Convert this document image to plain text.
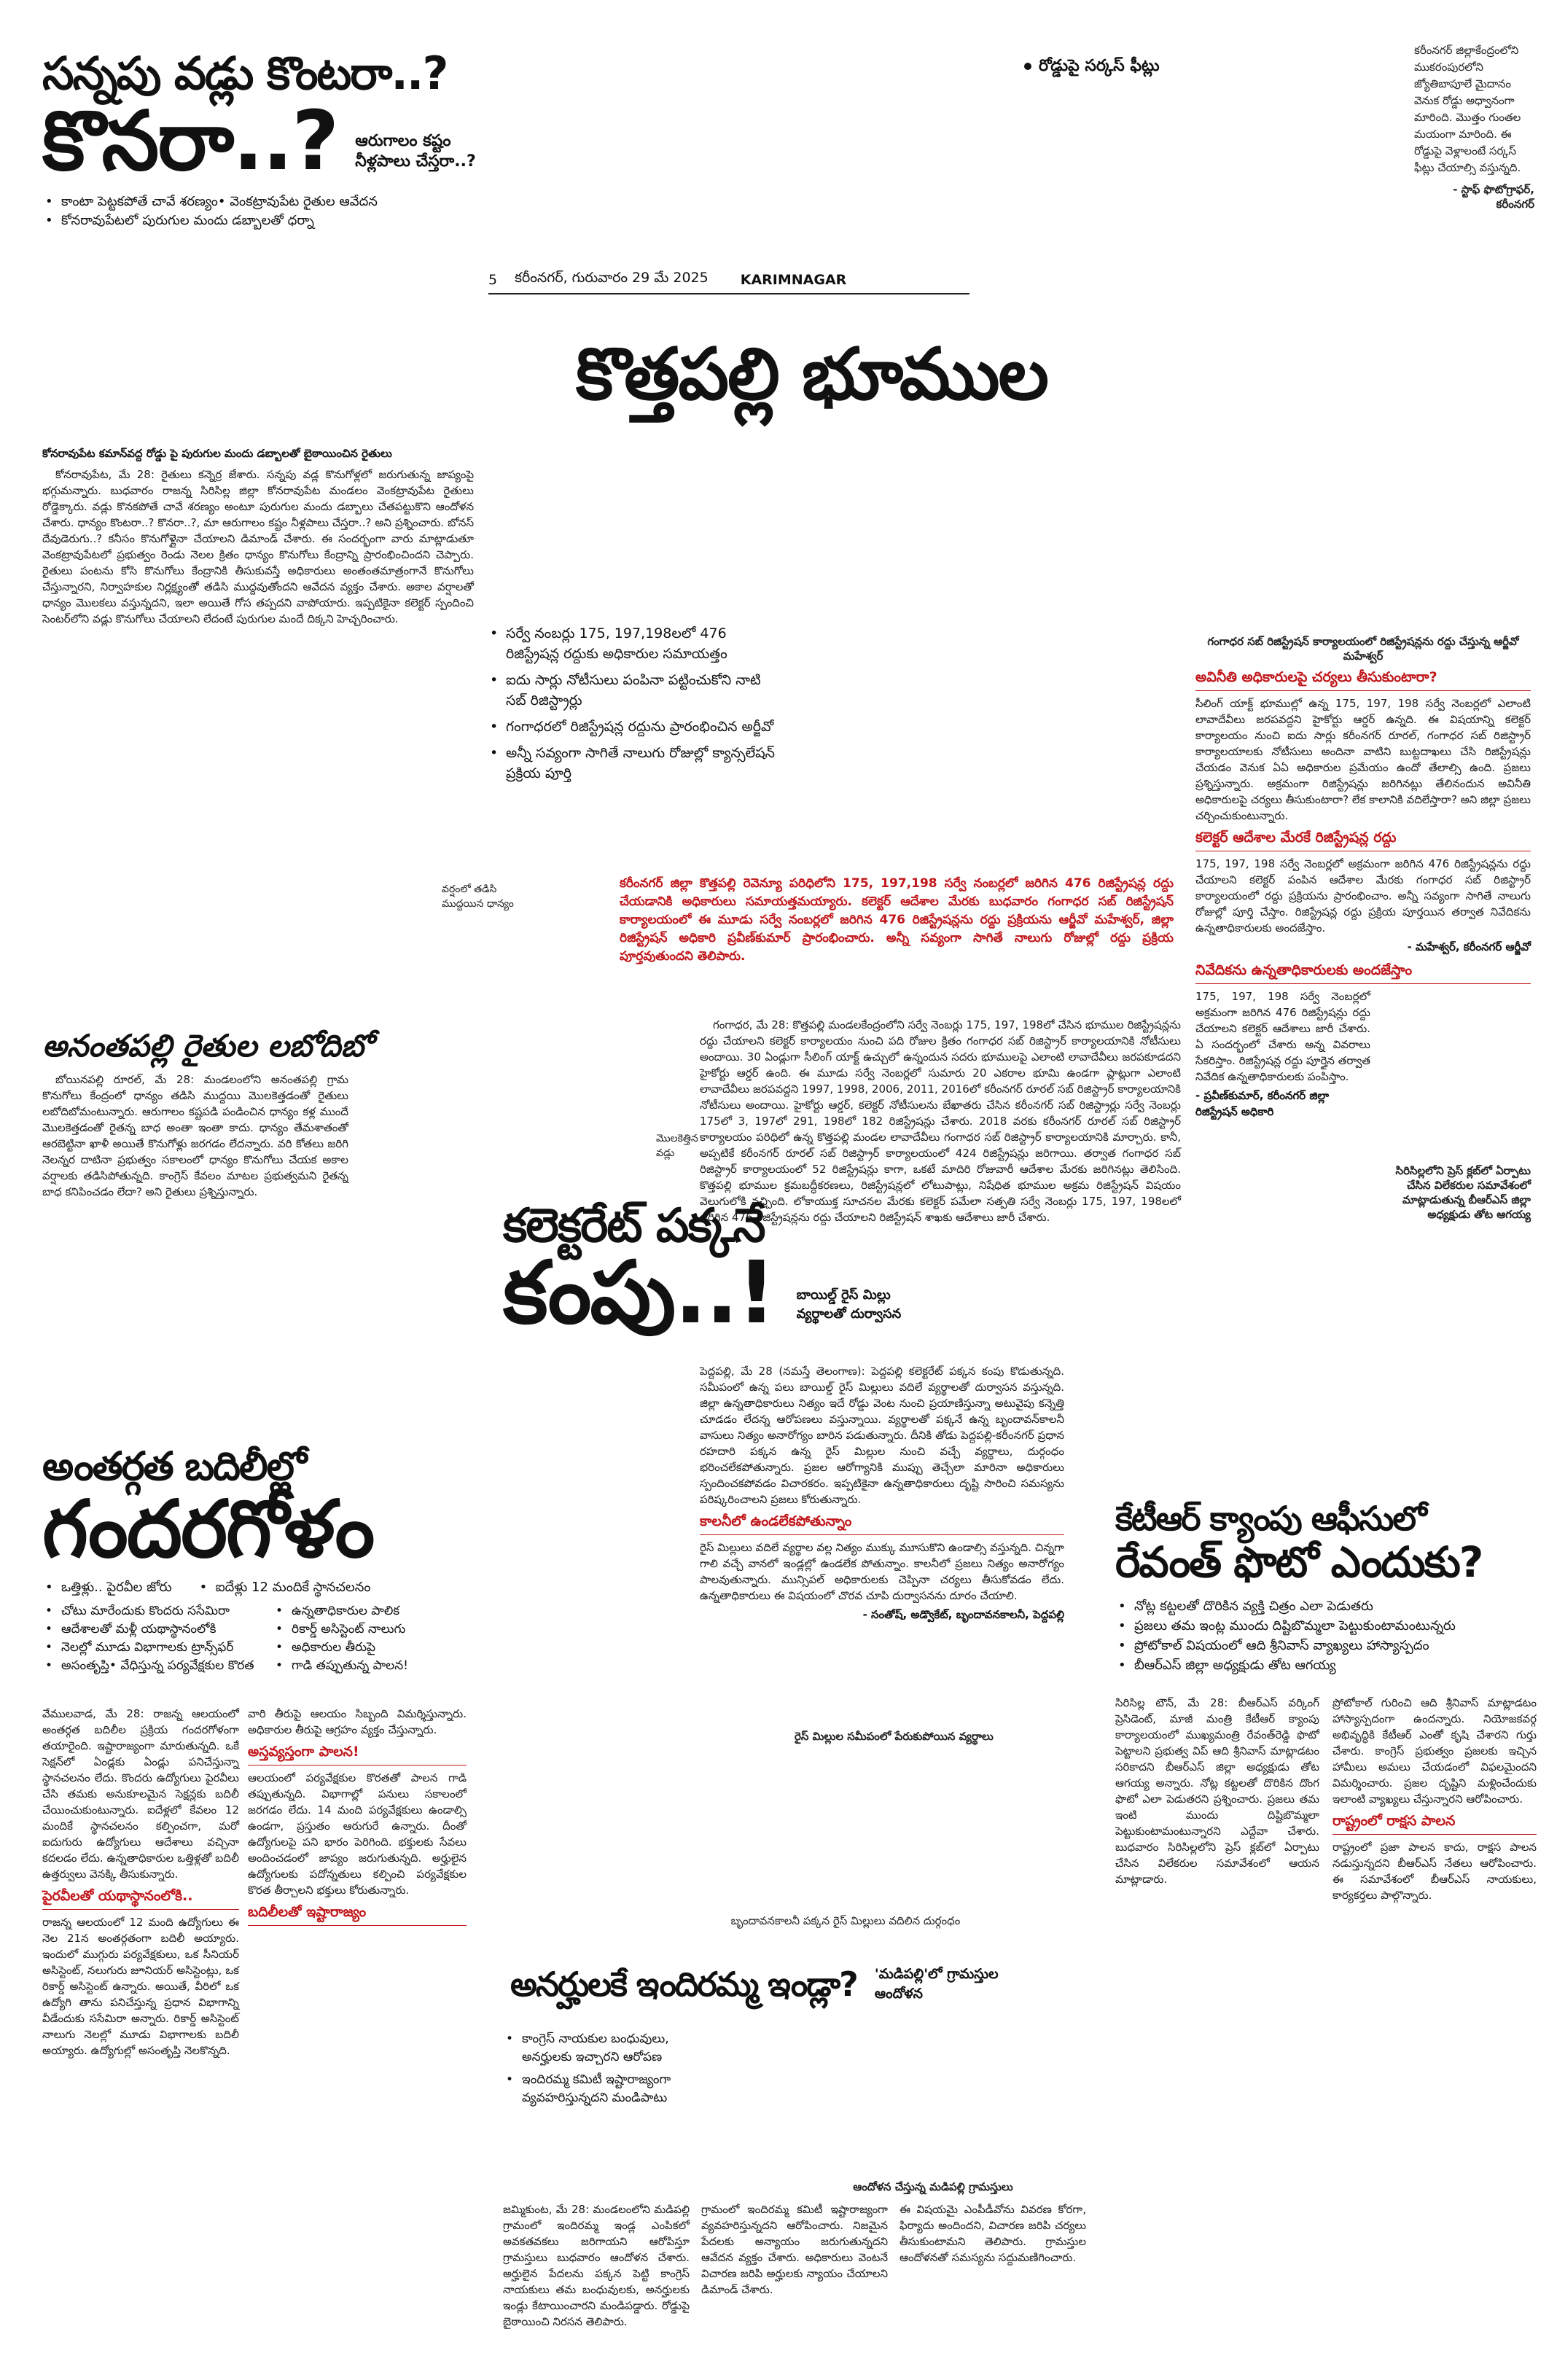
సన్నపు వడ్లు కొంటరా..?
కొనరా..? ఆరుగాలం కష్టం నీళ్లపాలు చేస్తరా..?
• కాంటా పెట్టకపోతే చావే శరణ్యం• వెంకట్రావుపేట రైతుల ఆవేదన
• కోనరావుపేటలో పురుగుల మందు డబ్బాలతో ధర్నా
రోడ్డుపై సర్కస్ ఫీట్లు
కరీంనగర్ జిల్లాకేంద్రంలోని ముకరంపురలోని జ్యోతిబాపూలే మైదానం వెనుక రోడ్డు అధ్వానంగా మారింది. మొత్తం గుంతల మయంగా మారింది. ఈ రోడ్డుపై వెళ్లాలంటే సర్కస్ ఫీట్లు చేయాల్సి వస్తున్నది.
- స్టాఫ్ ఫొటోగ్రాఫర్, కరీంనగర్
5 కరీంనగర్, గురువారం 29 మే 2025 KARIMNAGAR
కొత్తపల్లి భూముల
కోనరావుపేట కమాన్‌వద్ద రోడ్డు పై పురుగుల మందు డబ్బాలతో బైఠాయించిన రైతులు

కోనరావుపేట, మే 28: రైతులు కన్నెర్ర జేశారు. సన్నపు వడ్ల కొనుగోళ్లలో జరుగుతున్న జాప్యంపై భగ్గుమన్నారు. బుధవారం రాజన్న సిరిసిల్ల జిల్లా కోనరావుపేట మండలం వెంకట్రావుపేట రైతులు రోడ్డెక్కారు. వడ్లు కొనకపోతే చావే శరణ్యం అంటూ పురుగుల మందు డబ్బాలు చేతపట్టుకొని ఆందోళన చేశారు. ధాన్యం కొంటరా..? కొనరా..?, మా ఆరుగాలం కష్టం నీళ్లపాలు చేస్తరా..? అని ప్రశ్నించారు. బోనస్ దేవుడెరుగు..? కనీసం కొనుగోళ్లైనా చేయాలని డిమాండ్ చేశారు. ఈ సందర్భంగా వారు మాట్లాడుతూ వెంకట్రావుపేటలో ప్రభుత్వం రెండు నెలల క్రితం ధాన్యం కొనుగోలు కేంద్రాన్ని ప్రారంభించిందని చెప్పారు. రైతులు పంటను కోసి కొనుగోలు కేంద్రానికి తీసుకువస్తే అధికారులు అంతంతమాత్రంగానే కొనుగోలు చేస్తున్నారని, నిర్వాహకుల నిర్లక్ష్యంతో తడిసి ముద్దవుతోందని ఆవేదన వ్యక్తం చేశారు. అకాల వర్షాలతో ధాన్యం మొలకలు వస్తున్నదని, ఇలా అయితే గోస తప్పదని వాపోయారు. ఇప్పటికైనా కలెక్టర్ స్పందించి సెంటర్‌లోని వడ్లు కొనుగోలు చేయాలని లేదంటే పురుగుల మందే దిక్కని హెచ్చరించారు.

• సర్వే నంబర్లు 175, 197,198లలో 476 రిజిస్ట్రేషన్ల రద్దుకు అధికారుల సమాయత్తం
• ఐదు సార్లు నోటీసులు పంపినా పట్టించుకోని నాటి సబ్ రిజిస్ట్రార్లు
• గంగాధరలో రిజిస్ట్రేషన్ల రద్దును ప్రారంభించిన అర్జీవో
• అన్నీ సవ్యంగా సాగితే నాలుగు రోజుల్లో క్యాన్సలేషన్ ప్రక్రియ పూర్తి
గంగాధర సబ్ రిజిస్ట్రేషన్ కార్యాలయంలో రిజిస్ట్రేషన్లను రద్దు చేస్తున్న ఆర్జీవో మహేశ్వర్
అవినీతి అధికారులపై చర్యలు తీసుకుంటారా?
సీలింగ్ యాక్ట్ భూముల్లో ఉన్న 175, 197, 198 సర్వే నెంబర్లలో ఎలాంటి లావాదేవీలు జరపవద్దని హైకోర్టు ఆర్డర్ ఉన్నది. ఈ విషయాన్ని కలెక్టర్ కార్యాలయం నుంచి ఐదు సార్లు కరీంనగర్ రూరల్, గంగాధర సబ్ రిజిస్ట్రార్ కార్యాలయాలకు నోటీసులు అందినా వాటిని బుట్టదాఖలు చేసి రిజిస్ట్రేషన్లు చేయడం వెనుక ఏఏ అధికారుల ప్రమేయం ఉందో తేలాల్సి ఉంది. ప్రజలు ప్రశ్నిస్తున్నారు. అక్రమంగా రిజిస్ట్రేషన్లు జరిగినట్లు తేలినందున అవినీతి అధికారులపై చర్యలు తీసుకుంటారా? లేక కాలానికి వదిలేస్తారా? అని జిల్లా ప్రజలు చర్చించుకుంటున్నారు.
కలెక్టర్ ఆదేశాల మేరకే రిజిస్ట్రేషన్ల రద్దు
175, 197, 198 సర్వే నెంబర్లలో అక్రమంగా జరిగిన 476 రిజిస్ట్రేషన్లను రద్దు చేయాలని కలెక్టర్ పంపిన ఆదేశాల మేరకు గంగాధర సబ్ రిజిస్ట్రార్ కార్యాలయంలో రద్దు ప్రక్రియను ప్రారంభించాం. అన్నీ సవ్యంగా సాగితే నాలుగు రోజుల్లో పూర్తి చేస్తాం. రిజిస్ట్రేషన్ల రద్దు ప్రక్రియ పూర్తయిన తర్వాత నివేదికను ఉన్నతాధికారులకు అందజేస్తాం.
- మహేశ్వర్, కరీంనగర్ ఆర్జీవో
నివేదికను ఉన్నతాధికారులకు అందజేస్తాం
175, 197, 198 సర్వే నెంబర్లలో అక్రమంగా జరిగిన 476 రిజిస్ట్రేషన్లు రద్దు చేయాలని కలెక్టర్ ఆదేశాలు జారీ చేశారు. ఏ సందర్భంలో చేశారు అన్న వివరాలు సేకరిస్తాం. రిజిస్ట్రేషన్ల రద్దు పూర్తైన తర్వాత నివేదిక ఉన్నతాధికారులకు పంపిస్తాం.
- ప్రవీణ్‌కుమార్, కరీంనగర్ జిల్లా రిజిస్ట్రేషన్ అధికారి
సిరిసిల్లలోని ప్రెస్ క్లబ్‌లో ఏర్పాటు చేసిన విలేకరుల సమావేశంలో మాట్లాడుతున్న బీఆర్‌ఎస్ జిల్లా అధ్యక్షుడు తోట ఆగయ్య
వర్షంలో తడిసి ముద్దయిన ధాన్యం
కరీంనగర్ జిల్లా కొత్తపల్లి రెవెన్యూ పరిధిలోని 175, 197,198 సర్వే నంబర్లలో జరిగిన 476 రిజిస్ట్రేషన్ల రద్దు చేయడానికి అధికారులు సమాయత్తమయ్యారు. కలెక్టర్ ఆదేశాల మేరకు బుధవారం గంగాధర సబ్ రిజిస్ట్రేషన్ కార్యాలయంలో ఈ మూడు సర్వే నంబర్లలో జరిగిన 476 రిజిస్ట్రేషన్లను రద్దు ప్రక్రియను ఆర్జీవో మహేశ్వర్, జిల్లా రిజిస్ట్రేషన్ అధికారి ప్రవీణ్‌కుమార్ ప్రారంభించారు. అన్నీ సవ్యంగా సాగితే నాలుగు రోజుల్లో రద్దు ప్రక్రియ పూర్తవుతుందని తెలిపారు.

గంగాధర, మే 28: కొత్తపల్లి మండలకేంద్రంలోని సర్వే నెంబర్లు 175, 197, 198లో చేసిన భూముల రిజిస్ట్రేషన్లను రద్దు చేయాలని కలెక్టర్ కార్యాలయం నుంచి పది రోజుల క్రితం గంగాధర సబ్ రిజిస్ట్రార్ కార్యాలయానికి నోటీసులు అందాయి. 30 ఏండ్లుగా సీలింగ్ యాక్ట్ ఉచ్చులో ఉన్నందున సదరు భూములపై ఎలాంటి లావాదేవీలు జరపకూడదని హైకోర్టు ఆర్డర్ ఉంది. ఈ మూడు సర్వే నెంబర్లలో సుమారు 20 ఎకరాల భూమి ఉండగా ప్లాట్లుగా ఎలాంటి లావాదేవీలు జరపవద్దని 1997, 1998, 2006, 2011, 2016లో కరీంనగర్ రూరల్ సబ్ రిజిస్ట్రార్ కార్యాలయానికి నోటీసులు అందాయి. హైకోర్టు ఆర్డర్, కలెక్టర్ నోటీసులను బేఖాతరు చేసిన కరీంనగర్ సబ్ రిజిస్ట్రార్లు సర్వే నెంబర్లు 175లో 3, 197లో 291, 198లో 182 రిజిస్ట్రేషన్లు చేశారు. 2018 వరకు కరీంనగర్ రూరల్ సబ్ రిజిస్ట్రార్ కార్యాలయం పరిధిలో ఉన్న కొత్తపల్లి మండల లావాదేవీలు గంగాధర సబ్ రిజిస్ట్రార్ కార్యాలయానికి మార్చారు. కానీ, అప్పటికే కరీంనగర్ రూరల్ సబ్ రిజిస్ట్రార్ కార్యాలయంలో 424 రిజిస్ట్రేషన్లు జరిగాయి. తర్వాత గంగాధర సబ్ రిజిస్ట్రార్ కార్యాలయంలో 52 రిజిస్ట్రేషన్లు కాగా, ఒకటే మాదిరి రోజువారీ ఆదేశాల మేరకు జరిగినట్లు తెలిసింది. కొత్తపల్లి భూముల క్రమబద్ధీకరణలు, రిజిస్ట్రేషన్లలో లోటుపాట్లు, నిషేధిత భూముల అక్రమ రిజిస్ట్రేషన్ విషయం వెలుగులోకి వచ్చింది. లోకాయుక్త సూచనల మేరకు కలెక్టర్ పమేలా సత్పతి సర్వే నెంబర్లు 175, 197, 198లలో జరిగిన 476 రిజిస్ట్రేషన్లను రద్దు చేయాలని రిజిస్ట్రేషన్ శాఖకు ఆదేశాలు జారీ చేశారు.

అనంతపల్లి రైతుల లబోదిబో

బోయినపల్లి రూరల్, మే 28: మండలంలోని అనంతపల్లి గ్రామ కొనుగోలు కేంద్రంలో ధాన్యం తడిసి ముద్దయి మొలకెత్తడంతో రైతులు లబోదిబోమంటున్నారు. ఆరుగాలం కష్టపడి పండించిన ధాన్యం కళ్ల ముందే మొలకెత్తడంతో రైతన్న బాధ అంతా ఇంతా కాదు. ధాన్యం తేమశాతంతో ఆరబెట్టినా ఖాళీ అయితే కొనుగోళ్లు జరగడం లేదన్నారు. వరి కోతలు జరిగి నెలన్నర దాటినా ప్రభుత్వం సకాలంలో ధాన్యం కొనుగోలు చేయక అకాల వర్షాలకు తడిసిపోతున్నది. కాంగ్రెస్ కేవలం మాటల ప్రభుత్వమని రైతన్న బాధ కనిపించడం లేదా? అని రైతులు ప్రశ్నిస్తున్నారు.

మొలకెత్తిన వడ్లు
కలెక్టరేట్ పక్కనే
కంపు..! బాయిల్డ్ రైస్ మిల్లు వ్యర్థాలతో దుర్వాసన
పెద్దపల్లి, మే 28 (నమస్తే తెలంగాణ): పెద్దపల్లి కలెక్టరేట్ పక్కన కంపు కొడుతున్నది. సమీపంలో ఉన్న పలు బాయిల్డ్ రైస్ మిల్లులు వదిలే వ్యర్థాలతో దుర్వాసన వస్తున్నది. జిల్లా ఉన్నతాధికారులు నిత్యం ఇదే రోడ్డు వెంట నుంచి ప్రయాణిస్తున్నా అటువైపు కన్నెత్తి చూడడం లేదన్న ఆరోపణలు వస్తున్నాయి. వ్యర్థాలతో పక్కనే ఉన్న బృందావన్‌కాలనీ వాసులు నిత్యం అనారోగ్యం బారిన పడుతున్నారు. దీనికి తోడు పెద్దపల్లి-కరీంనగర్ ప్రధాన రహదారి పక్కన ఉన్న రైస్ మిల్లుల నుంచి వచ్చే వ్యర్థాలు, దుర్గంధం భరించలేకపోతున్నారు. ప్రజల ఆరోగ్యానికి ముప్పు తెచ్చేలా మారినా అధికారులు స్పందించకపోవడం విచారకరం. ఇప్పటికైనా ఉన్నతాధికారులు దృష్టి సారించి సమస్యను పరిష్కరించాలని ప్రజలు కోరుతున్నారు.
కాలనీలో ఉండలేకపోతున్నాం
రైస్ మిల్లులు వదిలే వ్యర్థాల వల్ల నిత్యం ముక్కు మూసుకొని ఉండాల్సి వస్తున్నది. చిన్నగా గాలి వచ్చే వానలో ఇండ్లల్లో ఉండలేక పోతున్నాం. కాలనీలో ప్రజలు నిత్యం అనారోగ్యం పాలవుతున్నారు. మున్సిపల్ అధికారులకు చెప్పినా చర్యలు తీసుకోవడం లేదు. ఉన్నతాధికారులు ఈ విషయంలో చొరవ చూపి దుర్వాసనను దూరం చేయాలి.
- సంతోష్, అడ్వొకేట్, బృందావనకాలనీ, పెద్దపల్లి
రైస్ మిల్లుల సమీపంలో పేరుకుపోయిన వ్యర్థాలు
అంతర్గత బదిలీల్లో
గందరగోళం
• ఒత్తిళ్లు.. పైరవీల జోరు
•	ఐదేళ్లు 12 మందికే స్థానచలనం
• చోటు మారేందుకు కొందరు ససేమిరా
• ఆదేశాలతో మళ్లీ యథాస్థానంలోకి
• నెలల్లో మూడు విభాగాలకు ట్రాన్స్‌ఫర్
• అసంతృప్తి• వేధిస్తున్న పర్యవేక్షకుల కొరత
• ఉన్నతాధికారుల పాలిక
• రికార్డ్ అసిస్టెంట్ నాలుగు
• అధికారుల తీరుపై
• గాడి తప్పుతున్న పాలన!
వేములవాడ, మే 28: రాజన్న ఆలయంలో అంతర్గత బదిలీల ప్రక్రియ గందరగోళంగా తయారైంది. ఇష్టారాజ్యంగా మారుతున్నది. ఒకే సెక్షన్‌లో ఏండ్లకు ఏండ్లు పనిచేస్తున్నా స్థానచలనం లేదు. కొందరు ఉద్యోగులు పైరవీలు చేసి తమకు అనుకూలమైన సెక్షన్లకు బదిలీ చేయించుకుంటున్నారు. ఐదేళ్లలో కేవలం 12 మందికే స్థానచలనం కల్పించగా, మరో ఐదుగురు ఉద్యోగులు ఆదేశాలు వచ్చినా కదలడం లేదు. ఉన్నతాధికారుల ఒత్తిళ్లతో బదిలీ ఉత్తర్వులు వెనక్కి తీసుకున్నారు.
పైరవీలతో యథాస్థానంలోకి..
రాజన్న ఆలయంలో 12 మంది ఉద్యోగులు ఈ నెల 21న అంతర్గతంగా బదిలీ అయ్యారు. ఇందులో ముగ్గురు పర్యవేక్షకులు, ఒక సీనియర్ అసిస్టెంట్, నలుగురు జూనియర్ అసిస్టెంట్లు, ఒక రికార్డ్ అసిస్టెంట్ ఉన్నారు. అయితే, వీరిలో ఒక ఉద్యోగి తాను పనిచేస్తున్న ప్రధాన విభాగాన్ని వీడేందుకు ససేమిరా అన్నారు. రికార్డ్ అసిస్టెంట్ నాలుగు నెలల్లో మూడు విభాగాలకు బదిలీ అయ్యారు. ఉద్యోగుల్లో అసంతృప్తి నెలకొన్నది.
వారి తీరుపై ఆలయం సిబ్బంది విమర్శిస్తున్నారు. అధికారుల తీరుపై ఆగ్రహం వ్యక్తం చేస్తున్నారు.
అస్తవ్యస్తంగా పాలన!
ఆలయంలో పర్యవేక్షకుల కొరతతో పాలన గాడి తప్పుతున్నది. విభాగాల్లో పనులు సకాలంలో జరగడం లేదు. 14 మంది పర్యవేక్షకులు ఉండాల్సి ఉండగా, ప్రస్తుతం ఆరుగురే ఉన్నారు. దీంతో ఉద్యోగులపై పని భారం పెరిగింది. భక్తులకు సేవలు అందించడంలో జాప్యం జరుగుతున్నది. అర్హులైన ఉద్యోగులకు పదోన్నతులు కల్పించి పర్యవేక్షకుల కొరత తీర్చాలని భక్తులు కోరుతున్నారు.
బదిలీలతో ఇష్టారాజ్యం
కేటీఆర్ క్యాంపు ఆఫీసులో
రేవంత్ ఫొటో ఎందుకు?
• నోట్ల కట్టలతో దొరికిన వ్యక్తి చిత్రం ఎలా పెడుతరు
• ప్రజలు తమ ఇంట్ల ముందు దిష్టిబొమ్మలా పెట్టుకుంటామంటున్నరు
• ప్రోటోకాల్ విషయంలో ఆది శ్రీనివాస్ వ్యాఖ్యలు హాస్యాస్పదం
• బీఆర్ఎస్ జిల్లా అధ్యక్షుడు తోట ఆగయ్య
సిరిసిల్ల టౌన్, మే 28: బీఆర్ఎస్ వర్కింగ్ ప్రెసిడెంట్, మాజీ మంత్రి కేటీఆర్ క్యాంపు కార్యాలయంలో ముఖ్యమంత్రి రేవంత్‌రెడ్డి ఫొటో పెట్టాలని ప్రభుత్వ విప్ ఆది శ్రీనివాస్ మాట్లాడటం సరికాదని బీఆర్ఎస్ జిల్లా అధ్యక్షుడు తోట ఆగయ్య అన్నారు. నోట్ల కట్టలతో దొరికిన దొంగ ఫొటో ఎలా పెడుతరని ప్రశ్నించారు. ప్రజలు తమ ఇంటి ముందు దిష్టిబొమ్మలా పెట్టుకుంటామంటున్నారని ఎద్దేవా చేశారు. బుధవారం సిరిసిల్లలోని ప్రెస్ క్లబ్‌లో ఏర్పాటు చేసిన విలేకరుల సమావేశంలో ఆయన మాట్లాడారు.
ప్రోటోకాల్ గురించి ఆది శ్రీనివాస్ మాట్లాడటం హాస్యాస్పదంగా ఉందన్నారు. నియోజకవర్గ అభివృద్ధికి కేటీఆర్ ఎంతో కృషి చేశారని గుర్తు చేశారు. కాంగ్రెస్ ప్రభుత్వం ప్రజలకు ఇచ్చిన హామీలు అమలు చేయడంలో విఫలమైందని విమర్శించారు. ప్రజల దృష్టిని మళ్లించేందుకు ఇలాంటి వ్యాఖ్యలు చేస్తున్నారని ఆరోపించారు.
రాష్ట్రంలో రాక్షస పాలన
రాష్ట్రంలో ప్రజా పాలన కాదు, రాక్షస పాలన నడుస్తున్నదని బీఆర్ఎస్ నేతలు ఆరోపించారు. ఈ సమావేశంలో బీఆర్ఎస్ నాయకులు, కార్యకర్తలు పాల్గొన్నారు.
బృందావనకాలనీ పక్కన రైస్ మిల్లులు వదిలిన దుర్గంధం
అనర్హులకే ఇందిరమ్మ ఇండ్లా? 'మడిపల్లి'లో గ్రామస్తుల ఆందోళన
• కాంగ్రెస్ నాయకుల బంధువులు, అనర్హులకు ఇచ్చారని ఆరోపణ
• ఇందిరమ్మ కమిటీ ఇష్టారాజ్యంగా వ్యవహరిస్తున్నదని మండిపాటు
ఆందోళన చేస్తున్న మడిపల్లి గ్రామస్తులు
జమ్మికుంట, మే 28: మండలంలోని మడిపల్లి గ్రామంలో ఇందిరమ్మ ఇండ్ల ఎంపికలో అవకతవకలు జరిగాయని ఆరోపిస్తూ గ్రామస్తులు బుధవారం ఆందోళన చేశారు. అర్హులైన పేదలను పక్కన పెట్టి కాంగ్రెస్ నాయకులు తమ బంధువులకు, అనర్హులకు ఇండ్లు కేటాయించారని మండిపడ్డారు. రోడ్డుపై బైఠాయించి నిరసన తెలిపారు.
గ్రామంలో ఇందిరమ్మ కమిటీ ఇష్టారాజ్యంగా వ్యవహరిస్తున్నదని ఆరోపించారు. నిజమైన పేదలకు అన్యాయం జరుగుతున్నదని ఆవేదన వ్యక్తం చేశారు. అధికారులు వెంటనే విచారణ జరిపి అర్హులకు న్యాయం చేయాలని డిమాండ్ చేశారు.
ఈ విషయమై ఎంపీడీవోను వివరణ కోరగా, ఫిర్యాదు అందిందని, విచారణ జరిపి చర్యలు తీసుకుంటామని తెలిపారు. గ్రామస్తుల ఆందోళనతో సమస్యను సద్దుమణిగించారు.
